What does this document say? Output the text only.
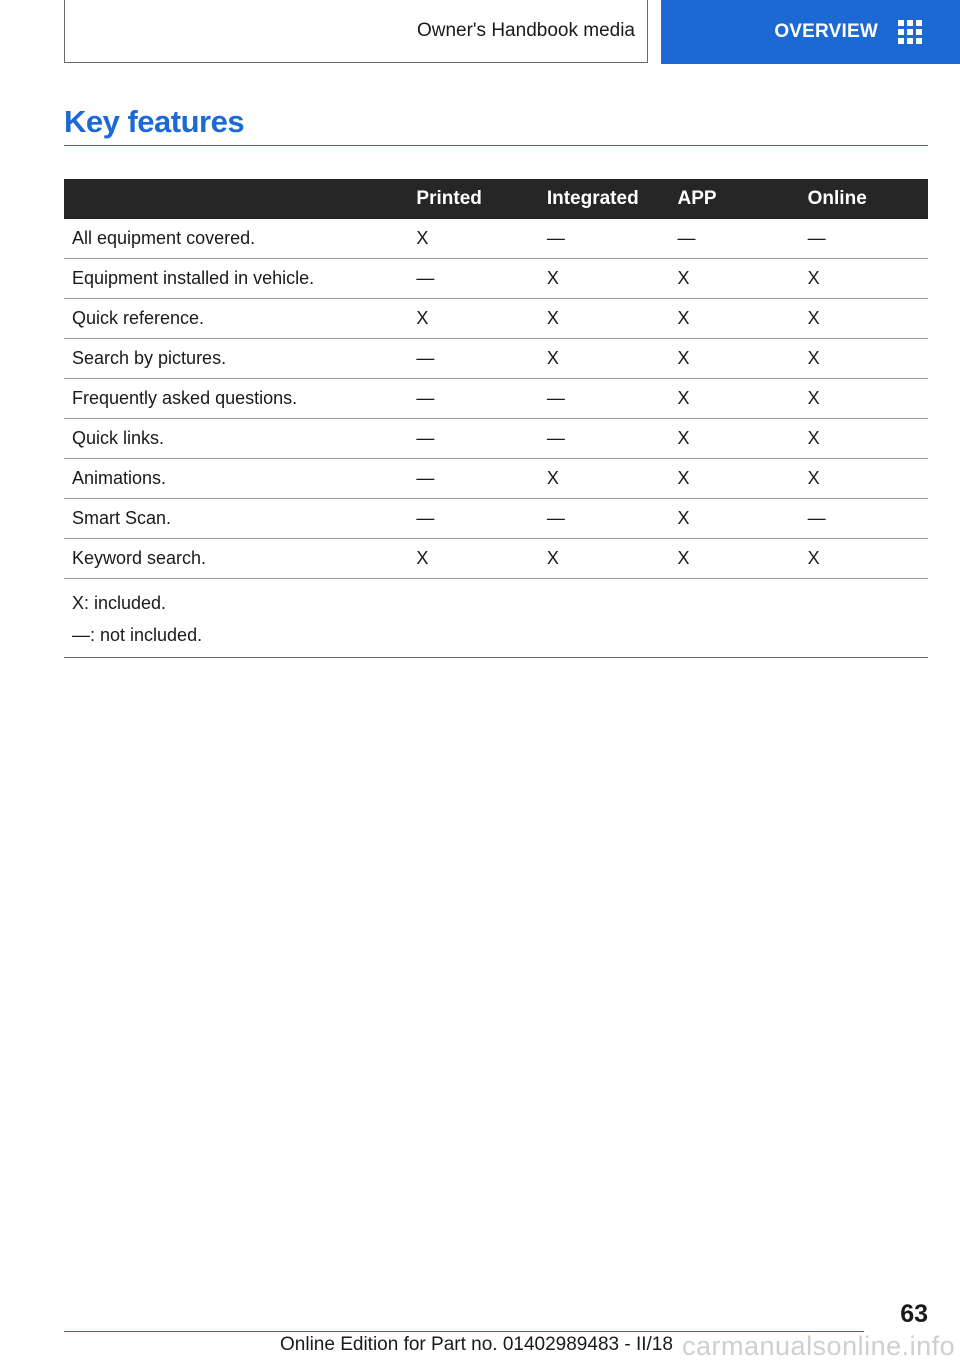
Owner's Handbook media	OVERVIEW
Key features
	Printed	Integrated	APP	Online
All equipment covered.	X	—	—	—
Equipment installed in vehicle.	—	X	X	X
Quick reference.	X	X	X	X
Search by pictures.	—	X	X	X
Frequently asked questions.	—	—	X	X
Quick links.	—	—	X	X
Animations.	—	X	X	X
Smart Scan.	—	—	X	—
Keyword search.	X	X	X	X

X: included.
—: not included.				
63
Online Edition for Part no. 01402989483 - II/18 carmanualsonline.info
